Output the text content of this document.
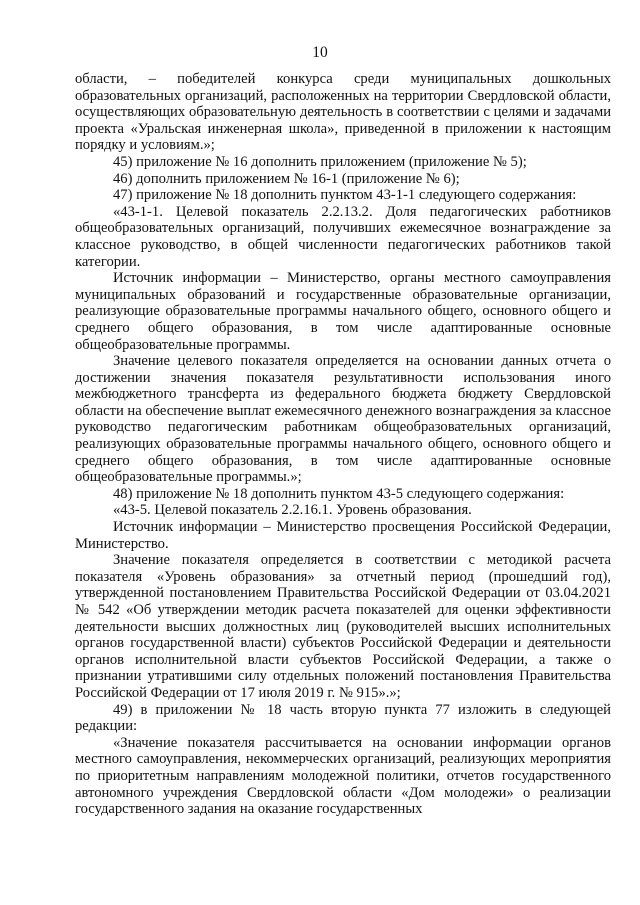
10

области, – победителей конкурса среди муниципальных дошкольных образовательных организаций, расположенных на территории Свердловской области, осуществляющих образовательную деятельность в соответствии с целями и задачами проекта «Уральская инженерная школа», приведенной в приложении к настоящим порядку и условиям.»;

45) приложение № 16 дополнить приложением (приложение № 5);

46) дополнить приложением № 16-1 (приложение № 6);

47) приложение № 18 дополнить пунктом 43-1-1 следующего содержания:

«43-1-1. Целевой показатель 2.2.13.2. Доля педагогических работников общеобразовательных организаций, получивших ежемесячное вознаграждение за классное руководство, в общей численности педагогических работников такой категории.

Источник информации – Министерство, органы местного самоуправления муниципальных образований и государственные образовательные организации, реализующие образовательные программы начального общего, основного общего и среднего общего образования, в том числе адаптированные основные общеобразовательные программы.

Значение целевого показателя определяется на основании данных отчета о достижении значения показателя результативности использования иного межбюджетного трансферта из федерального бюджета бюджету Свердловской области на обеспечение выплат ежемесячного денежного вознаграждения за классное руководство педагогическим работникам общеобразовательных организаций, реализующих образовательные программы начального общего, основного общего и среднего общего образования, в том числе адаптированные основные общеобразовательные программы.»;

48) приложение № 18 дополнить пунктом 43-5 следующего содержания:

«43-5. Целевой показатель 2.2.16.1. Уровень образования.

Источник информации – Министерство просвещения Российской Федерации, Министерство.

Значение показателя определяется в соответствии с методикой расчета показателя «Уровень образования» за отчетный период (прошедший год), утвержденной постановлением Правительства Российской Федерации от 03.04.2021 № 542 «Об утверждении методик расчета показателей для оценки эффективности деятельности высших должностных лиц (руководителей высших исполнительных органов государственной власти) субъектов Российской Федерации и деятельности органов исполнительной власти субъектов Российской Федерации, а также о признании утратившими силу отдельных положений постановления Правительства Российской Федерации от 17 июля 2019 г. № 915».»;

49) в приложении № 18 часть вторую пункта 77 изложить в следующей редакции:

«Значение показателя рассчитывается на основании информации органов местного самоуправления, некоммерческих организаций, реализующих мероприятия по приоритетным направлениям молодежной политики, отчетов государственного автономного учреждения Свердловской области «Дом молодежи» о реализации государственного задания на оказание государственных
